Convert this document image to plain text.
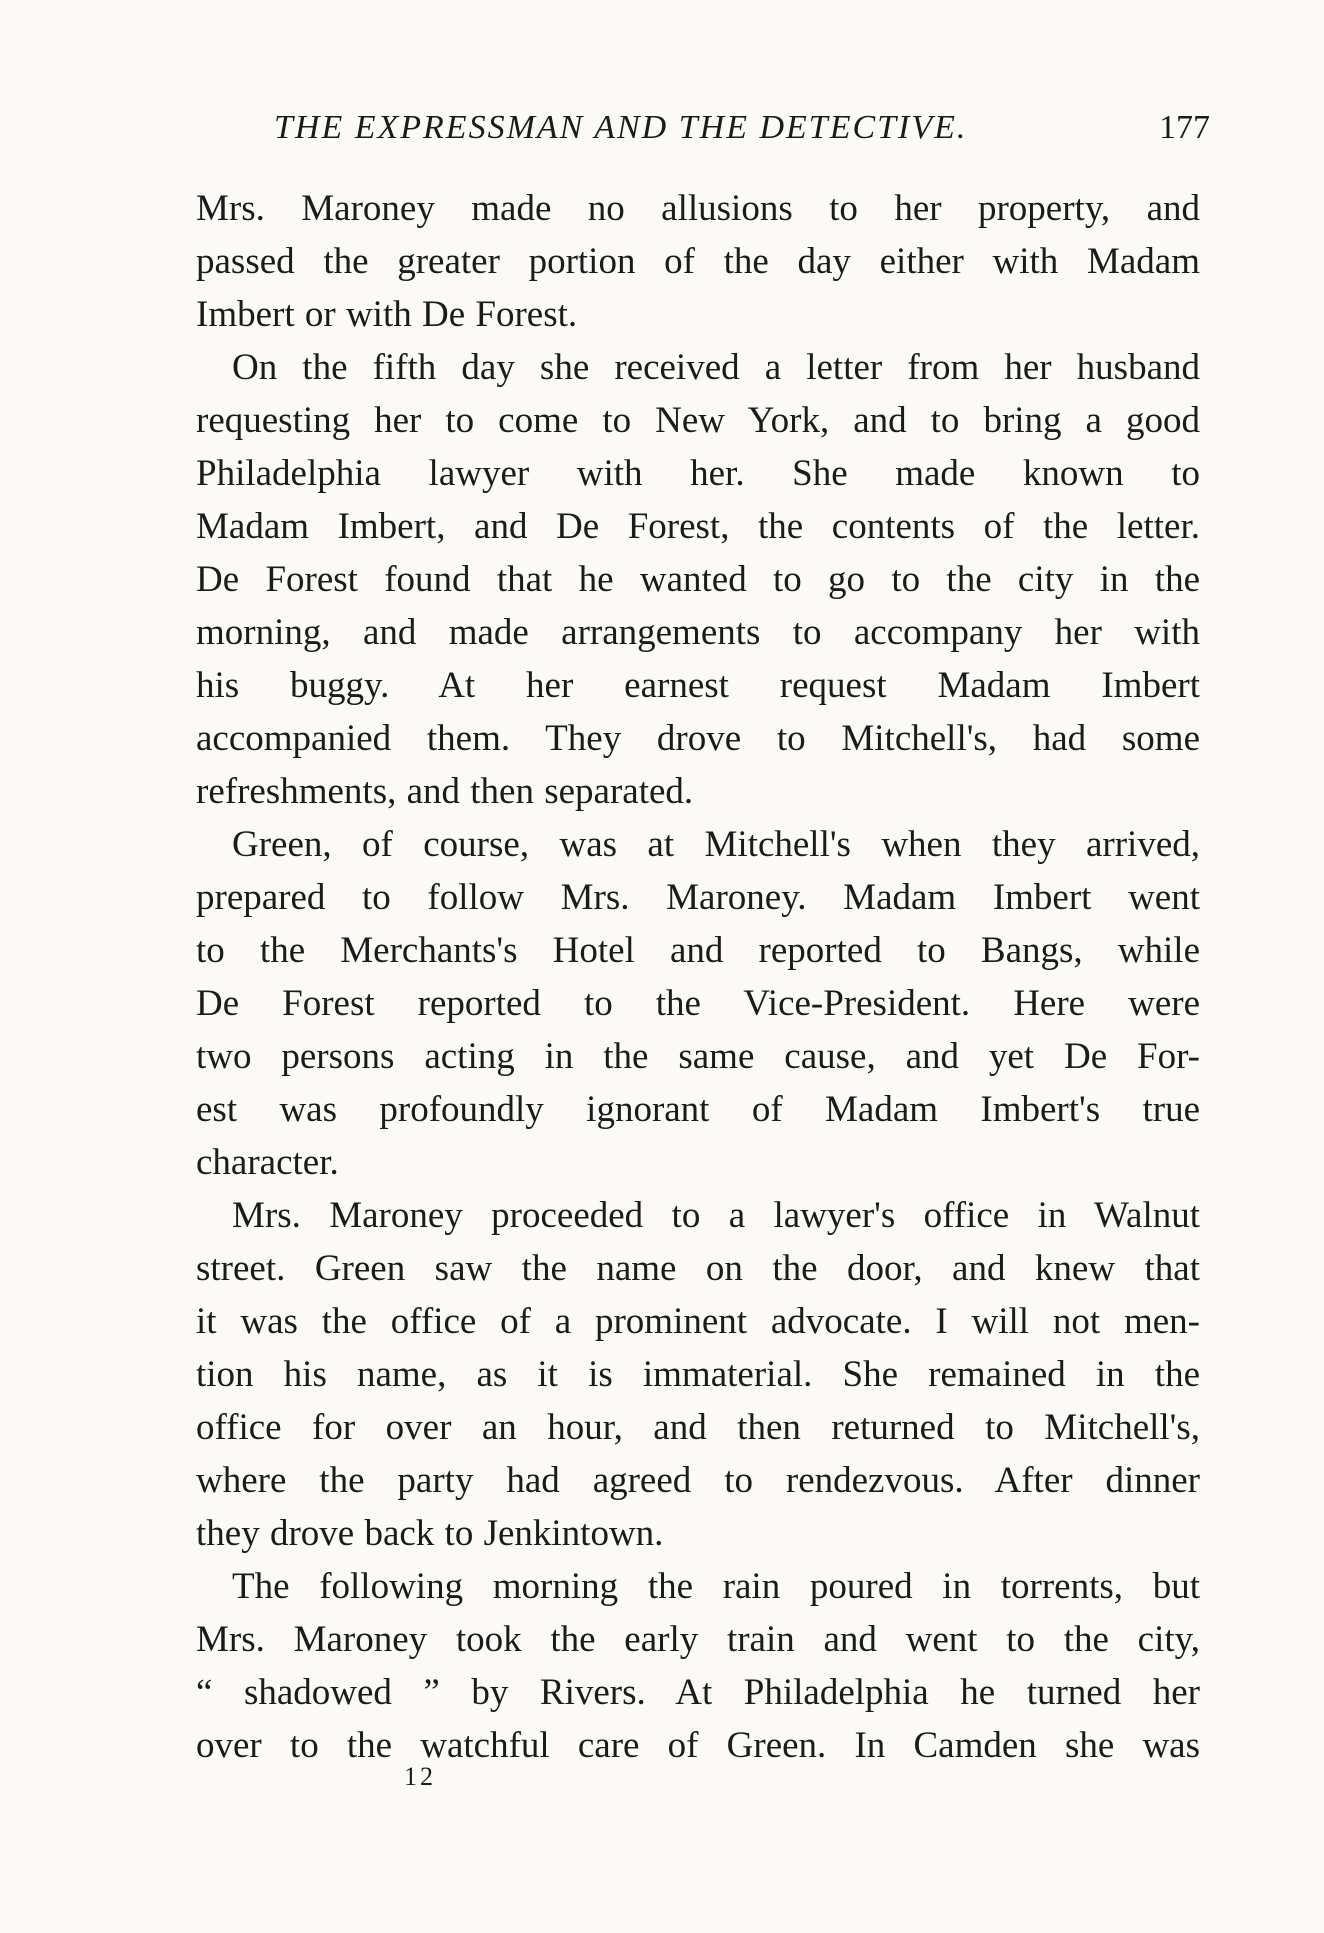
THE EXPRESSMAN AND THE DETECTIVE.	177

Mrs. Maroney made no allusions to her property, and
passed the greater portion of the day either with Madam
Imbert or with De Forest.

On the fifth day she received a letter from her husband
requesting her to come to New York, and to bring a good
Philadelphia lawyer with her. She made known to
Madam Imbert, and De Forest, the contents of the letter.
De Forest found that he wanted to go to the city in the
morning, and made arrangements to accompany her with
his buggy. At her earnest request Madam Imbert
accompanied them. They drove to Mitchell's, had some
refreshments, and then separated.

Green, of course, was at Mitchell's when they arrived,
prepared to follow Mrs. Maroney. Madam Imbert went
to the Merchants's Hotel and reported to Bangs, while
De Forest reported to the Vice-President. Here were
two persons acting in the same cause, and yet De For-
est was profoundly ignorant of Madam Imbert's true
character.

Mrs. Maroney proceeded to a lawyer's office in Walnut
street. Green saw the name on the door, and knew that
it was the office of a prominent advocate. I will not men-
tion his name, as it is immaterial. She remained in the
office for over an hour, and then returned to Mitchell's,
where the party had agreed to rendezvous. After dinner
they drove back to Jenkintown.

The following morning the rain poured in torrents, but
Mrs. Maroney took the early train and went to the city,
“ shadowed ” by Rivers. At Philadelphia he turned her
over to the watchful care of Green. In Camden she was

12
